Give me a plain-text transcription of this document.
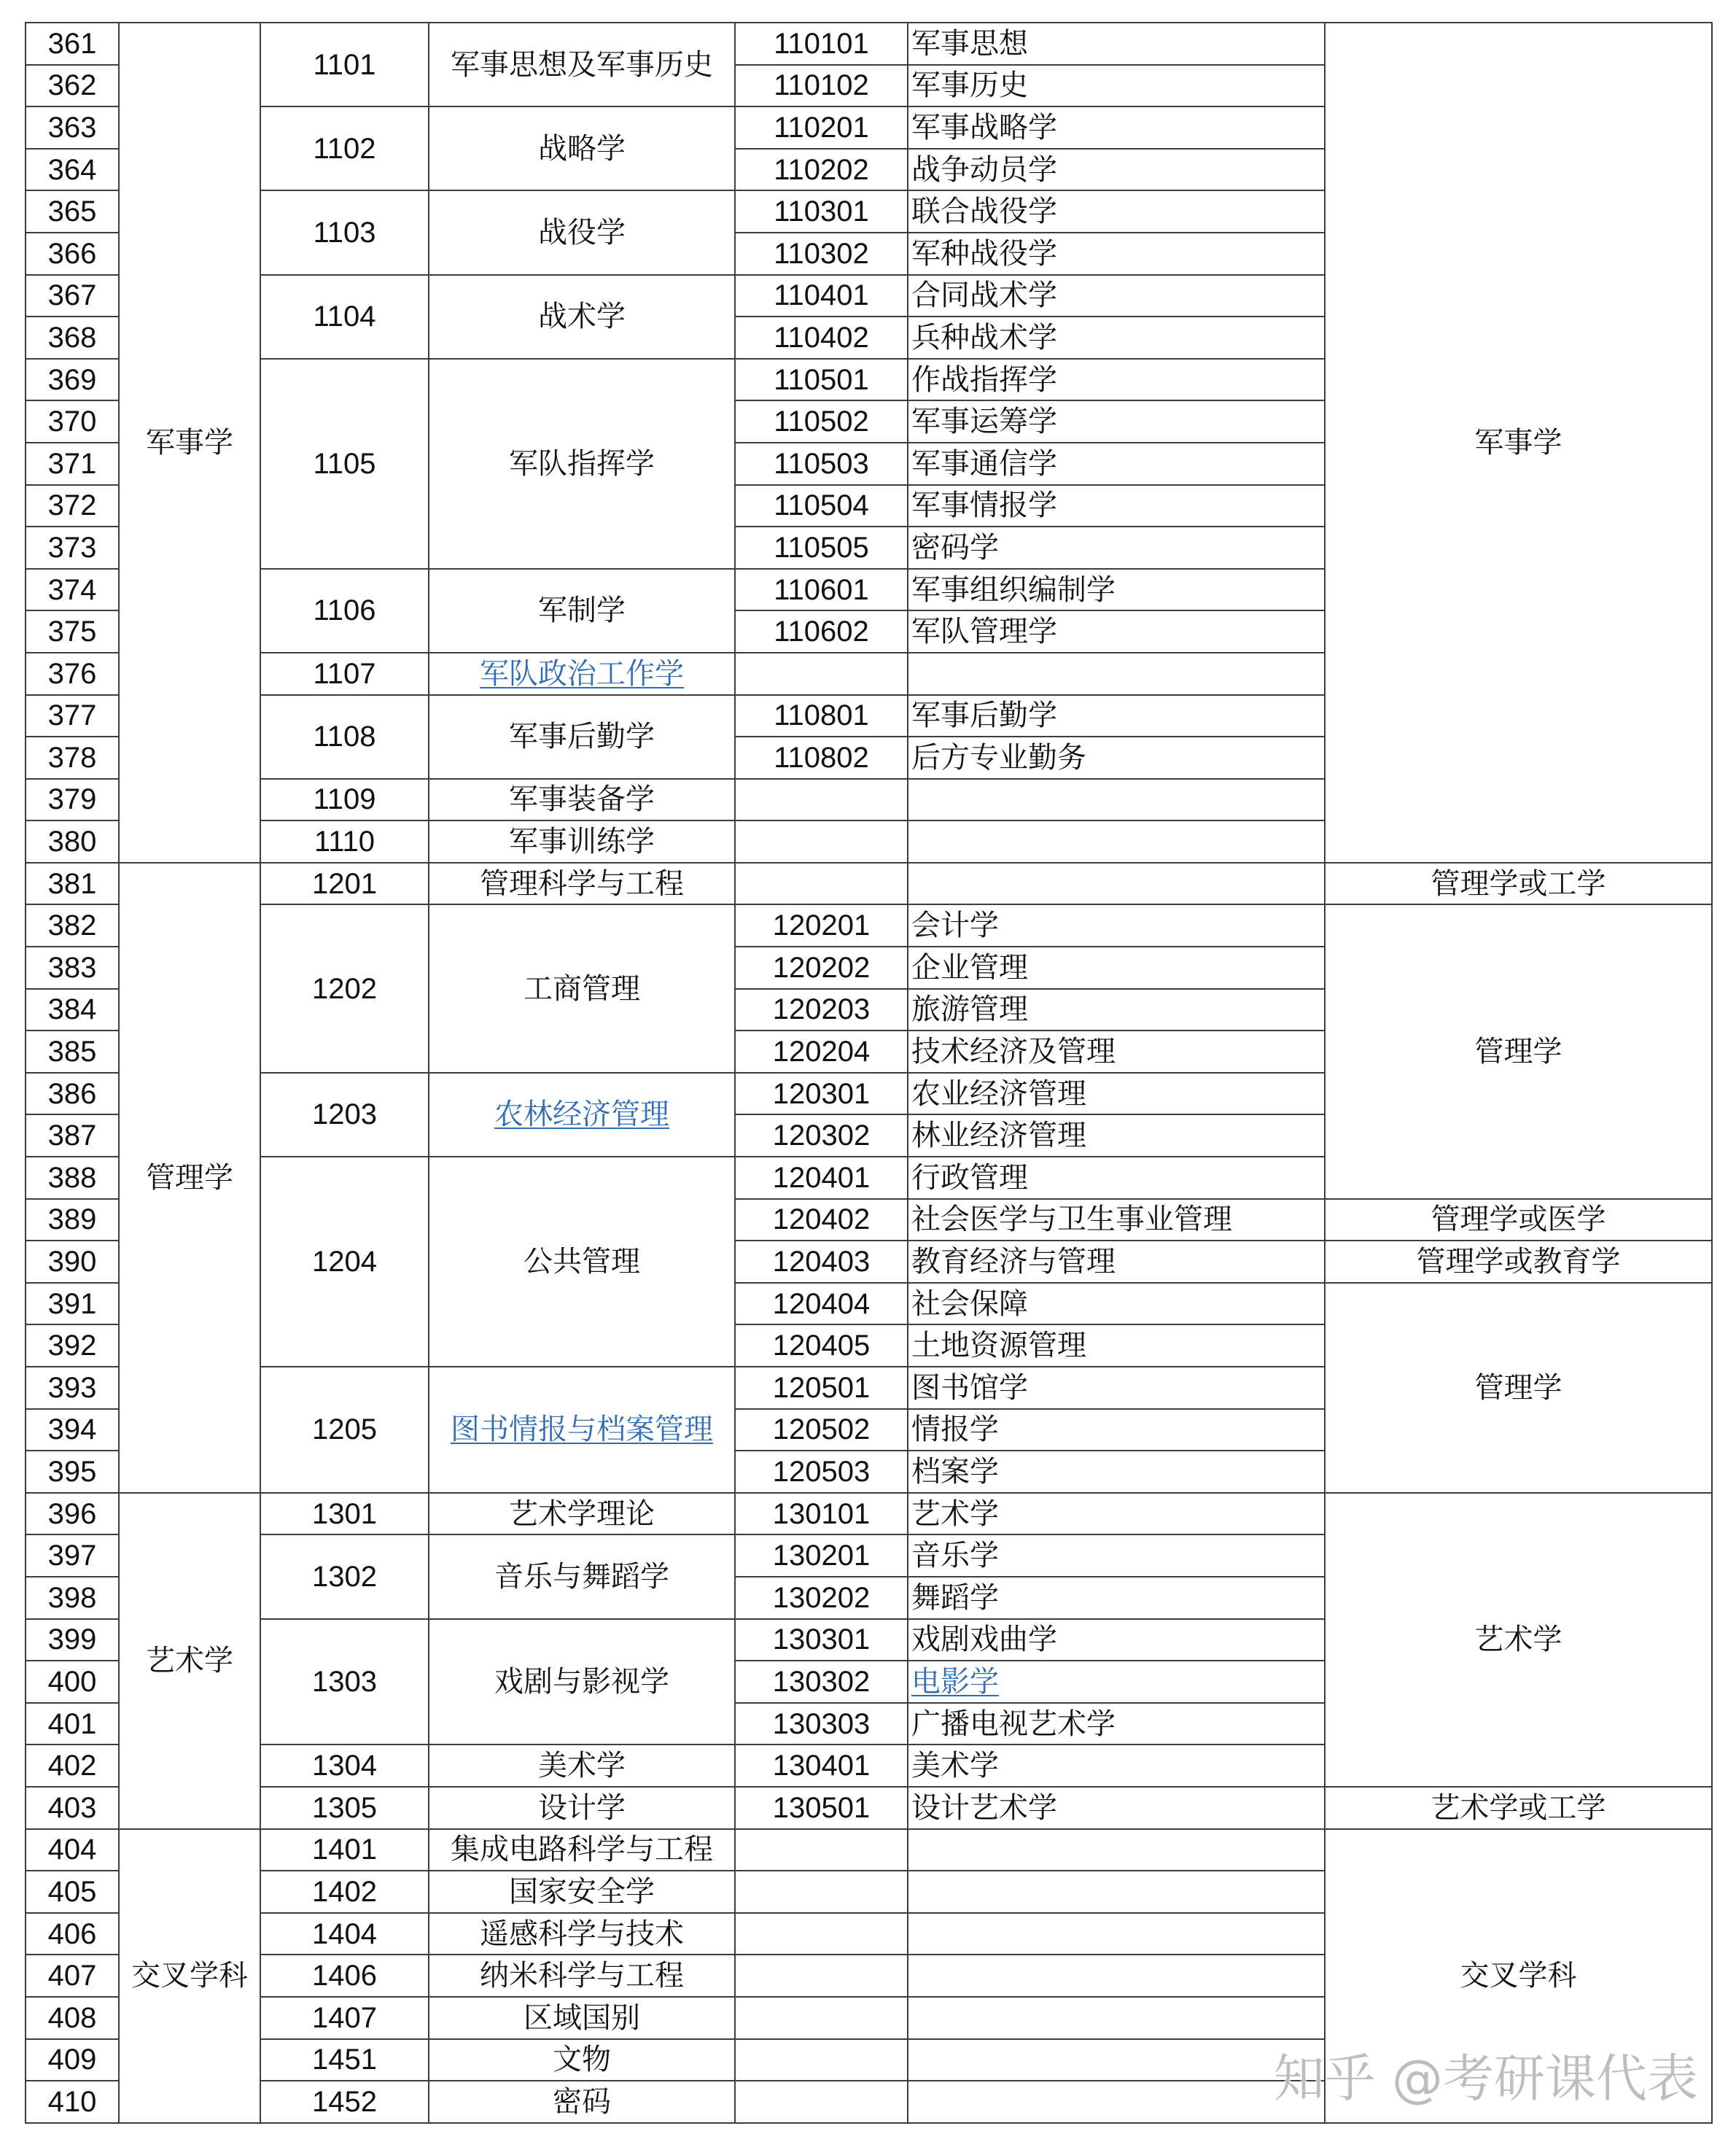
361	军事学	1101	军事思想及军事历史	110101	军事思想	军事学
362				110102	军事历史	
363		1102	战略学	110201	军事战略学	
364				110202	战争动员学	
365		1103	战役学	110301	联合战役学	
366				110302	军种战役学	
367		1104	战术学	110401	合同战术学	
368				110402	兵种战术学	
369		1105	军队指挥学	110501	作战指挥学	
370				110502	军事运筹学	
371				110503	军事通信学	
372				110504	军事情报学	
373				110505	密码学	
374		1106	军制学	110601	军事组织编制学	
375				110602	军队管理学	
376		1107	军队政治工作学			
377		1108	军事后勤学	110801	军事后勤学	
378				110802	后方专业勤务	
379		1109	军事装备学			
380		1110	军事训练学			
381	管理学	1201	管理科学与工程			管理学或工学
382		1202	工商管理	120201	会计学	管理学
383				120202	企业管理	
384				120203	旅游管理	
385				120204	技术经济及管理	
386		1203	农林经济管理	120301	农业经济管理	
387				120302	林业经济管理	
388		1204	公共管理	120401	行政管理	
389				120402	社会医学与卫生事业管理	管理学或医学
390				120403	教育经济与管理	管理学或教育学
391				120404	社会保障	管理学
392				120405	土地资源管理	
393		1205	图书情报与档案管理	120501	图书馆学	
394				120502	情报学	
395				120503	档案学	
396	艺术学	1301	艺术学理论	130101	艺术学	艺术学
397		1302	音乐与舞蹈学	130201	音乐学	
398				130202	舞蹈学	
399		1303	戏剧与影视学	130301	戏剧戏曲学	
400				130302	电影学	
401				130303	广播电视艺术学	
402		1304	美术学	130401	美术学	
403		1305	设计学	130501	设计艺术学	艺术学或工学
404	交叉学科	1401	集成电路科学与工程			交叉学科
405		1402	国家安全学			
406		1404	遥感科学与技术			
407		1406	纳米科学与工程			
408		1407	区域国别			
409		1451	文物			
410		1452	密码				知乎 @考研课代表
